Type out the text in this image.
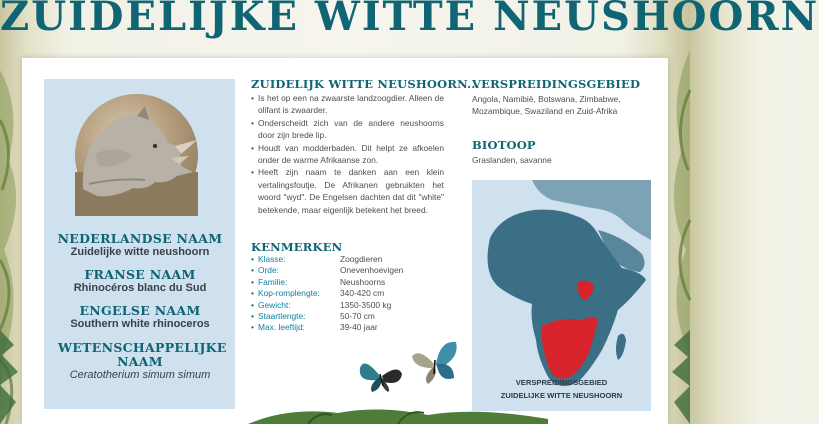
ZUIDELIJKE WITTE NEUSHOORN
NEDERLANDSE NAAM
Zuidelijke witte neushoorn
FRANSE NAAM
Rhinocéros blanc du Sud
ENGELSE NAAM
Southern white rhinoceros
WETENSCHAPPELIJKE NAAM
Ceratotherium simum simum
ZUIDELIJK WITTE NEUSHOORN...
• Is het op een na zwaarste landzoogdier. Alleen de olifant is zwaarder.
• Onderscheidt zich van de andere neushoorns door zijn brede lip.
• Houdt van modderbaden. Dit helpt ze afkoelen onder de warme Afrikaanse zon.
• Heeft zijn naam te danken aan een klein vertalingsfoutje. De Afrikanen gebruikten het woord "wyd". De Engelsen dachten dat dit "white" betekende, maar eigenlijk betekent het breed.
KENMERKEN
• Klasse:	Zoogdieren
• Orde:	Onevenhoevigen
• Familie:	Neushoorns
• Kop-romplengte:	340-420 cm
• Gewicht:	1350-3500 kg
• Staartlengte:	50-70 cm
• Max. leeftijd:	39-40 jaar
VERSPREIDINGSGEBIED
Angola, Namibië, Botswana, Zimbabwe, Mozambique, Swaziland en Zuid-Afrika
BIOTOOP
Graslanden, savanne
VERSPREIDINGSGEBIED
ZUIDELIJKE WITTE NEUSHOORN
